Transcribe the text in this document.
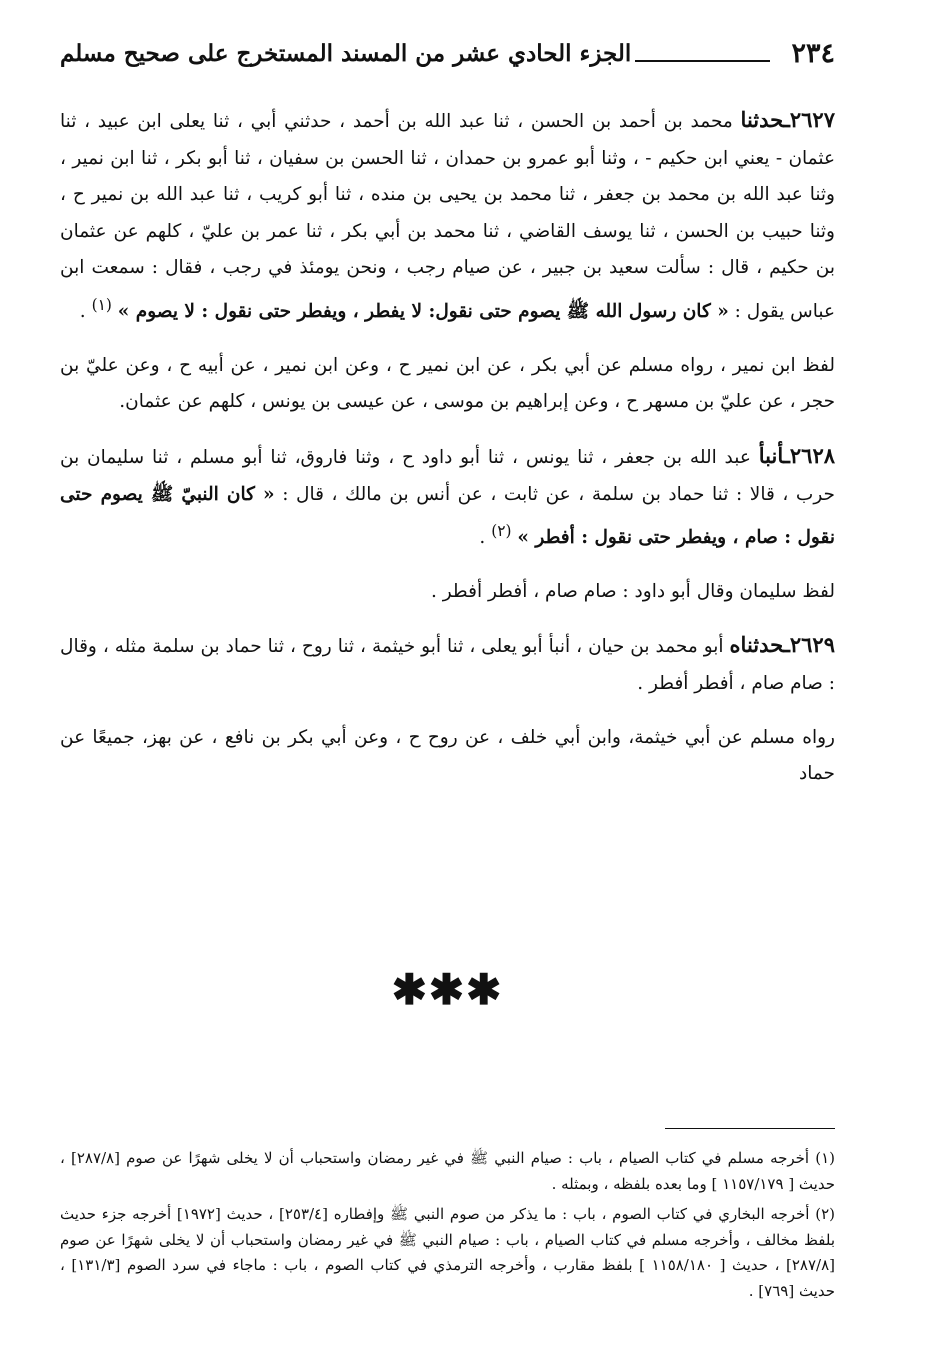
٢٣٤
الجزء الحادي عشر من المسند المستخرج على صحيح مسلم

٢٦٢٧ـحدثنا محمد بن أحمد بن الحسن ، ثنا عبد الله بن أحمد ، حدثني أبي ، ثنا يعلى ابن عبيد ، ثنا عثمان - يعني ابن حكيم - ، وثنا أبو عمرو بن حمدان ، ثنا الحسن بن سفيان ، ثنا أبو بكر ، ثنا ابن نمير ، وثنا عبد الله بن محمد بن جعفر ، ثنا محمد بن يحيى بن منده ، ثنا أبو كريب ، ثنا عبد الله بن نمير ح ، وثنا حبيب بن الحسن ، ثنا يوسف القاضي ، ثنا محمد بن أبي بكر ، ثنا عمر بن عليّ ، كلهم عن عثمان بن حكيم ، قال : سألت سعيد بن جبير ، عن صيام رجب ، ونحن يومئذ في رجب ، فقال : سمعت ابن عباس يقول : « كان رسول الله ﷺ يصوم حتى نقول: لا يفطر ، ويفطر حتى نقول : لا يصوم » $^{(١)}$ .

لفظ ابن نمير ، رواه مسلم عن أبي بكر ، عن ابن نمير ح ، وعن ابن نمير ، عن أبيه ح ، وعن عليّ بن حجر ، عن عليّ بن مسهر ح ، وعن إبراهيم بن موسى ، عن عيسى بن يونس ، كلهم عن عثمان.

٢٦٢٨ـأنبأ عبد الله بن جعفر ، ثنا يونس ، ثنا أبو داود ح ، وثنا فاروق، ثنا أبو مسلم ، ثنا سليمان بن حرب ، قالا : ثنا حماد بن سلمة ، عن ثابت ، عن أنس بن مالك ، قال : « كان النبيّ ﷺ يصوم حتى نقول : صام ، ويفطر حتى نقول : أفطر » $^{(٢)}$ .

لفظ سليمان وقال أبو داود : صام صام ، أفطر أفطر .

٢٦٢٩ـحدثناه أبو محمد بن حيان ، أنبأ أبو يعلى ، ثنا أبو خيثمة ، ثنا روح ، ثنا حماد بن سلمة مثله ، وقال : صام صام ، أفطر أفطر .

رواه مسلم عن أبي خيثمة، وابن أبي خلف ، عن روح ح ، وعن أبي بكر بن نافع ، عن بهز، جميعًا عن حماد

✱✱✱

(١) أخرجه مسلم في كتاب الصيام ، باب : صيام النبي ﷺ في غير رمضان واستحباب أن لا يخلى شهرًا عن صوم [٢٨٧/٨] ، حديث [ ١١٥٧/١٧٩ ] وما بعده بلفظه ، وبمثله .

(٢) أخرجه البخاري في كتاب الصوم ، باب : ما يذكر من صوم النبي ﷺ وإفطاره [٢٥٣/٤] ، حديث [١٩٧٢] أخرجه جزء حديث بلفظ مخالف ، وأخرجه مسلم في كتاب الصيام ، باب : صيام النبي ﷺ في غير رمضان واستحباب أن لا يخلى شهرًا عن صوم [٢٨٧/٨] ، حديث [ ١١٥٨/١٨٠ ] بلفظ مقارب ، وأخرجه الترمذي في كتاب الصوم ، باب : ماجاء في سرد الصوم [١٣١/٣] ، حديث [٧٦٩] .
